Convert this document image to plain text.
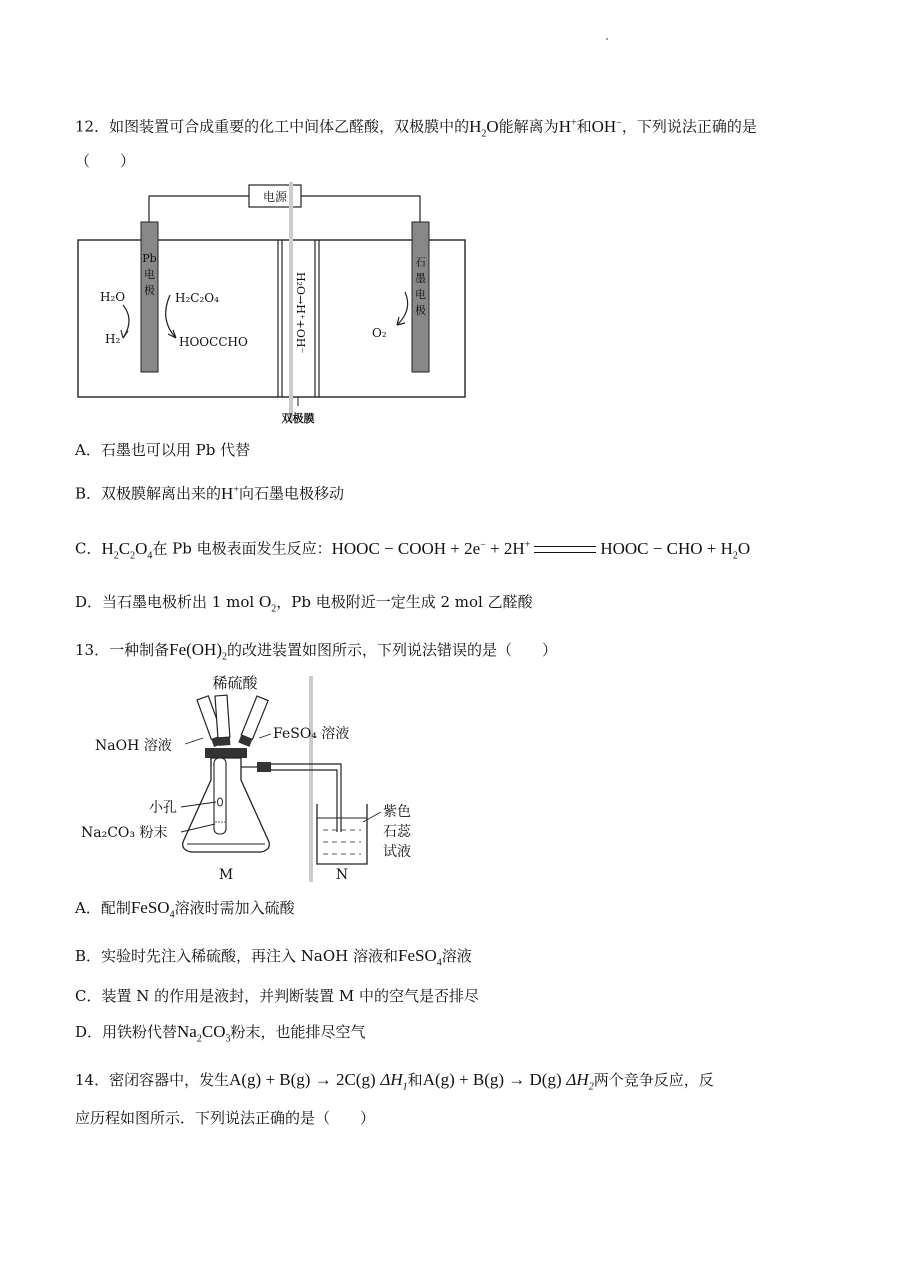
12．如图装置可合成重要的化工中间体乙醛酸，双极膜中的$H_2O$能解离为H+和OH−，下列说法正确的是
（　　）
电源
H₂O→H⁺+OH⁻
双极膜
Pb
电
极
石
墨
电
极
H₂O
H₂
H₂C₂O₄
HOOCCHO
O₂
A．石墨也可以用 Pb 代替
B．双极膜解离出来的H+向石墨电极移动
C．$H_2C_2O_4$在 Pb 电极表面发生反应：HOOC − COOH + 2e− + 2H+	HOOC − CHO + $H_2O$
D．当石墨电极析出 1 mol $O_2$，Pb 电极附近一定生成 2 mol 乙醛酸
13．一种制备$Fe(OH)_2$的改进装置如图所示，下列说法错误的是（　　）
稀硫酸
NaOH 溶液
FeSO₄ 溶液
小孔
Na₂CO₃ 粉末
紫色
石蕊
试液
M	N
A．配制FeSO$_4$溶液时需加入硫酸
B．实验时先注入稀硫酸，再注入 NaOH 溶液和FeSO$_4$溶液
C．装置 N 的作用是液封，并判断装置 M 中的空气是否排尽
D．用铁粉代替$Na_2CO_3$粉末，也能排尽空气
14．密闭容器中，发生A(g) + B(g) → 2C(g) $\Delta H_1$和A(g) + B(g) → D(g) $\Delta H_2$两个竞争反应，反
应历程如图所示．下列说法正确的是（　　）
